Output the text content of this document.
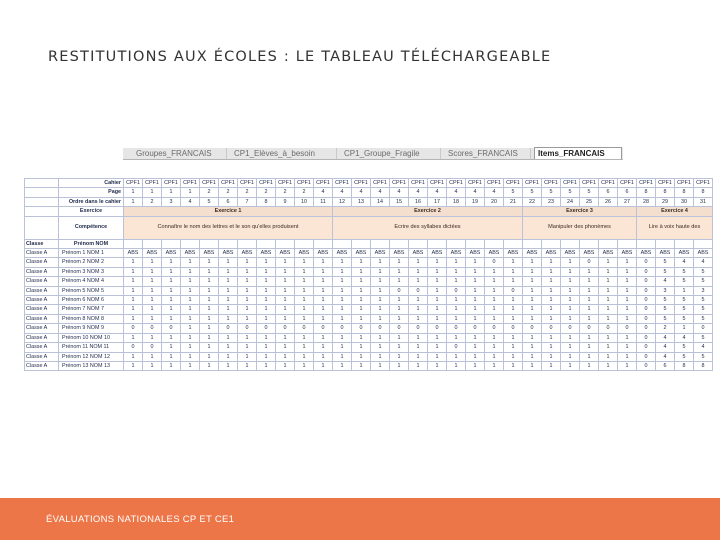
RESTITUTIONS AUX ÉCOLES : LE TABLEAU TÉLÉCHARGEABLE
Groupes_FRANCAIS	CP1_Elèves_à_besoin	CP1_Groupe_Fragile	Scores_FRANCAIS	Items_FRANCAIS
	Cahier	CPF1	CPF1	CPF1	CPF1	CPF1	CPF1	CPF1	CPF1	CPF1	CPF1	CPF1	CPF1	CPF1	CPF1	CPF1	CPF1	CPF1	CPF1	CPF1	CPF1	CPF1	CPF1	CPF1	CPF1	CPF1	CPF1	CPF1	CPF1	CPF1	CPF1	CPF1
	Page	1	1	1	1	2	2	2	2	2	2	4	4	4	4	4	4	4	4	4	4	5	5	5	5	5	6	6	8	8	8	8
	Ordre dans le cahier	1	2	3	4	5	6	7	8	9	10	11	12	13	14	15	16	17	18	19	20	21	22	23	24	25	26	27	28	29	30	31
	Exercice	Exercice 1											Exercice 2										Exercice 3						Exercice 4			
	Compétence	Connaître le nom des lettres et le son qu'elles produisent											Ecrire des syllabes dictées										Manipuler des phonèmes						Lire à voix haute des			
Classe	Prénom NOM																															
Classe A	Prénom 1 NOM 1	ABS	ABS	ABS	ABS	ABS	ABS	ABS	ABS	ABS	ABS	ABS	ABS	ABS	ABS	ABS	ABS	ABS	ABS	ABS	ABS	ABS	ABS	ABS	ABS	ABS	ABS	ABS	ABS	ABS	ABS	ABS
Classe A	Prénom 2 NOM 2	1	1	1	1	1	1	1	1	1	1	1	1	1	1	1	1	1	1	1	0	1	1	1	1	0	1	1	0	5	4	4
Classe A	Prénom 3 NOM 3	1	1	1	1	1	1	1	1	1	1	1	1	1	1	1	1	1	1	1	1	1	1	1	1	1	1	1	0	5	5	5
Classe A	Prénom 4 NOM 4	1	1	1	1	1	1	1	1	1	1	1	1	1	1	1	1	1	1	1	1	1	1	1	1	1	1	1	0	4	5	5
Classe A	Prénom 5 NOM 5	1	1	1	1	1	1	1	1	1	1	1	1	1	1	0	0	1	0	1	1	0	1	1	1	1	1	1	0	3	1	3
Classe A	Prénom 6 NOM 6	1	1	1	1	1	1	1	1	1	1	1	1	1	1	1	1	1	1	1	1	1	1	1	1	1	1	1	0	5	5	5
Classe A	Prénom 7 NOM 7	1	1	1	1	1	1	1	1	1	1	1	1	1	1	1	1	1	1	1	1	1	1	1	1	1	1	1	0	5	5	5
Classe A	Prénom 8 NOM 8	1	1	1	1	1	1	1	1	1	1	1	1	1	1	1	1	1	1	1	1	1	1	1	1	1	1	1	0	5	5	5
Classe A	Prénom 9 NOM 9	0	0	0	1	1	0	0	0	0	0	0	0	0	0	0	0	0	0	0	0	0	0	0	0	0	0	0	0	2	1	0
Classe A	Prénom 10 NOM 10	1	1	1	1	1	1	1	1	1	1	1	1	1	1	1	1	1	1	1	1	1	1	1	1	1	1	1	0	4	4	5
Classe A	Prénom 11 NOM 11	0	0	1	1	1	1	1	1	1	1	1	1	1	1	1	1	1	0	1	1	1	1	1	1	1	1	1	0	4	5	4
Classe A	Prénom 12 NOM 12	1	1	1	1	1	1	1	1	1	1	1	1	1	1	1	1	1	1	1	1	1	1	1	1	1	1	1	0	4	5	5
Classe A	Prénom 13 NOM 13	1	1	1	1	1	1	1	1	1	1	1	1	1	1	1	1	1	1	1	1	1	1	1	1	1	1	1	0	6	8	8
ÉVALUATIONS NATIONALES CP ET CE1
